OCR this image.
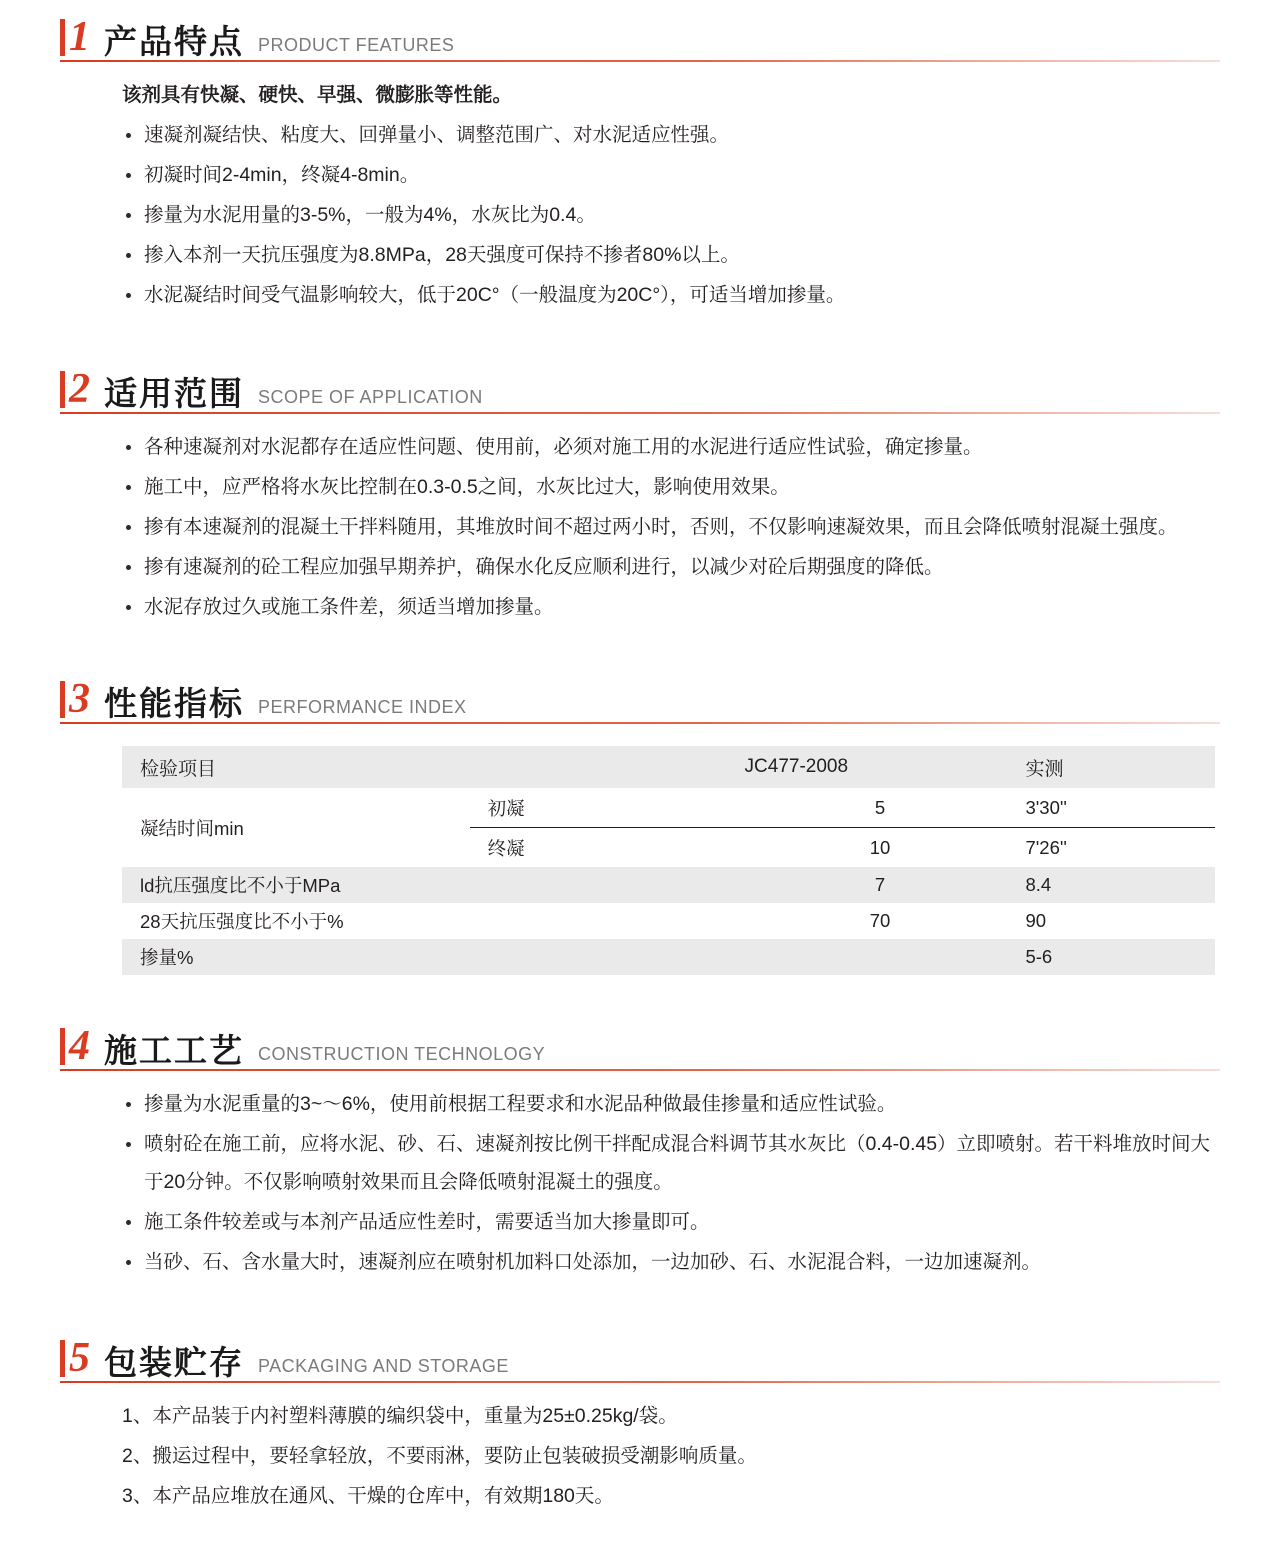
1 产品特点 PRODUCT FEATURES

该剂具有快凝、硬快、早强、微膨胀等性能。

速凝剂凝结快、粘度大、回弹量小、调整范围广、对水泥适应性强。
初凝时间2-4min，终凝4-8min。
掺量为水泥用量的3-5%，一般为4%，水灰比为0.4。
掺入本剂一天抗压强度为8.8MPa，28天强度可保持不掺者80%以上。
水泥凝结时间受气温影响较大，低于20C°（一般温度为20C°），可适当增加掺量。
2 适用范围 SCOPE OF APPLICATION
各种速凝剂对水泥都存在适应性问题、使用前，必须对施工用的水泥进行适应性试验，确定掺量。
施工中，应严格将水灰比控制在0.3-0.5之间，水灰比过大，影响使用效果。
掺有本速凝剂的混凝土干拌料随用，其堆放时间不超过两小时，否则，不仅影响速凝效果，而且会降低喷射混凝土强度。
掺有速凝剂的砼工程应加强早期养护，确保水化反应顺利进行，以减少对砼后期强度的降低。
水泥存放过久或施工条件差，须适当增加掺量。
3 性能指标 PERFORMANCE INDEX
检验项目		JC477-2008	实测
凝结时间min	初凝	5	3'30''
	终凝	10	7'26''
ld抗压强度比不小于MPa		7	8.4
28天抗压强度比不小于%		70	90
掺量%			5-6
4 施工工艺 CONSTRUCTION TECHNOLOGY
掺量为水泥重量的3~～6%，使用前根据工程要求和水泥品种做最佳掺量和适应性试验。
喷射砼在施工前，应将水泥、砂、石、速凝剂按比例干拌配成混合料调节其水灰比（0.4-0.45）立即喷射。若干料堆放时间大于20分钟。不仅影响喷射效果而且会降低喷射混凝土的强度。
施工条件较差或与本剂产品适应性差时，需要适当加大掺量即可。
当砂、石、含水量大时，速凝剂应在喷射机加料口处添加，一边加砂、石、水泥混合料，一边加速凝剂。
5 包装贮存 PACKAGING AND STORAGE
1、本产品装于内衬塑料薄膜的编织袋中，重量为25±0.25kg/袋。
2、搬运过程中，要轻拿轻放，不要雨淋，要防止包装破损受潮影响质量。
3、本产品应堆放在通风、干燥的仓库中，有效期180天。
